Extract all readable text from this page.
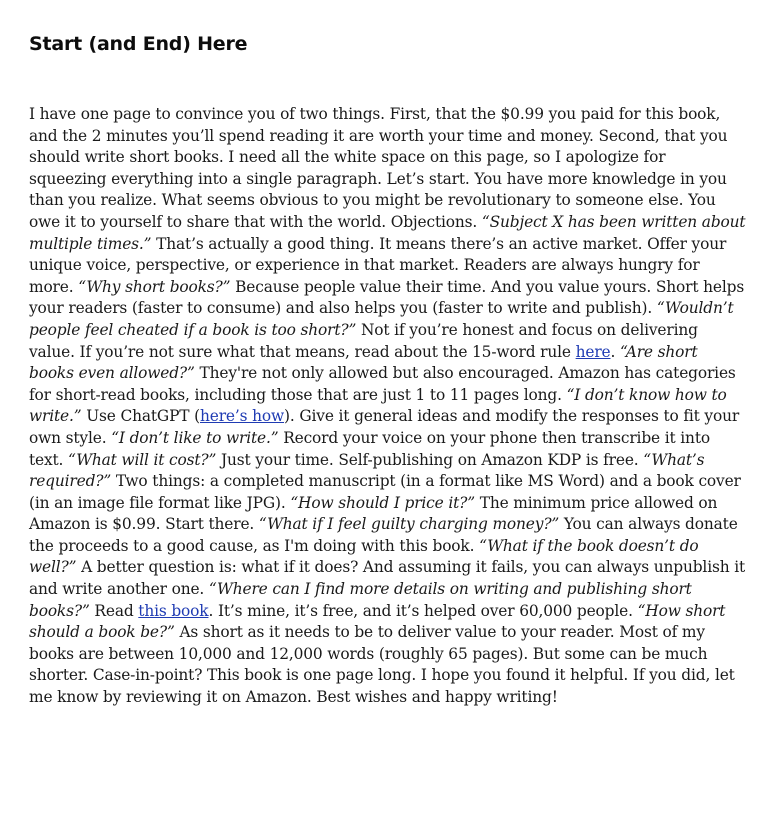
Start (and End) Here

I have one page to convince you of two things. First, that the $0.99 you paid for this book, and the 2 minutes you’ll spend reading it are worth your time and money. Second, that you should write short books. I need all the white space on this page, so I apologize for squeezing everything into a single paragraph. Let’s start. You have more knowledge in you than you realize. What seems obvious to you might be revolutionary to someone else. You owe it to yourself to share that with the world. Objections. “Subject X has been written about multiple times.” That’s actually a good thing. It means there’s an active market. Offer your unique voice, perspective, or experience in that market. Readers are always hungry for more. “Why short books?” Because people value their time. And you value yours. Short helps your readers (faster to consume) and also helps you (faster to write and publish). “Wouldn’t people feel cheated if a book is too short?” Not if you’re honest and focus on delivering value. If you’re not sure what that means, read about the 15-word rule here. “Are short books even allowed?” They're not only allowed but also encouraged. Amazon has categories for short-read books, including those that are just 1 to 11 pages long. “I don’t know how to write.” Use ChatGPT (here’s how). Give it general ideas and modify the responses to fit your own style. “I don’t like to write.” Record your voice on your phone then transcribe it into text. “What will it cost?” Just your time. Self-publishing on Amazon KDP is free. “What’s required?” Two things: a completed manuscript (in a format like MS Word) and a book cover (in an image file format like JPG). “How should I price it?” The minimum price allowed on Amazon is $0.99. Start there. “What if I feel guilty charging money?” You can always donate the proceeds to a good cause, as I'm doing with this book. “What if the book doesn’t do well?” A better question is: what if it does? And assuming it fails, you can always unpublish it and write another one. “Where can I find more details on writing and publishing short books?” Read this book. It’s mine, it’s free, and it’s helped over 60,000 people. “How short should a book be?” As short as it needs to be to deliver value to your reader. Most of my books are between 10,000 and 12,000 words (roughly 65 pages). But some can be much shorter. Case-in-point? This book is one page long. I hope you found it helpful. If you did, let me know by reviewing it on Amazon. Best wishes and happy writing!
